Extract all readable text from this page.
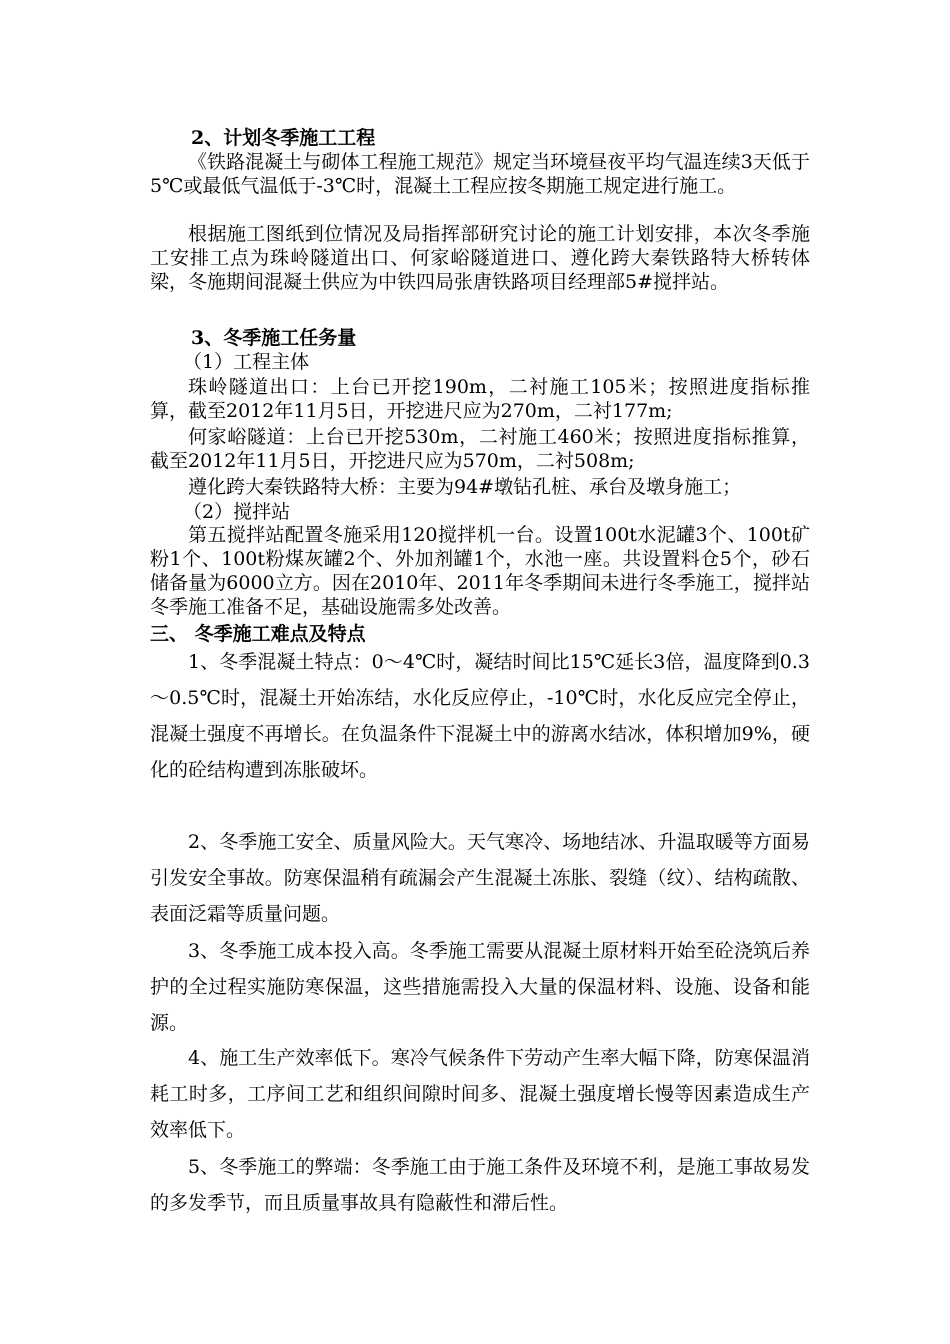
2、计划冬季施工工程

《铁路混凝土与砌体工程施工规范》规定当环境昼夜平均气温连续3天低于5℃或最低气温低于-3℃时，混凝土工程应按冬期施工规定进行施工。

根据施工图纸到位情况及局指挥部研究讨论的施工计划安排，本次冬季施工安排工点为珠岭隧道出口、何家峪隧道进口、遵化跨大秦铁路特大桥转体梁，冬施期间混凝土供应为中铁四局张唐铁路项目经理部5#搅拌站。

3、冬季施工任务量

（1）工程主体

珠岭隧道出口：上台已开挖190m，二衬施工105米；按照进度指标推算，截至2012年11月5日，开挖进尺应为270m，二衬177m;

何家峪隧道：上台已开挖530m，二衬施工460米；按照进度指标推算，截至2012年11月5日，开挖进尺应为570m，二衬508m;

遵化跨大秦铁路特大桥：主要为94#墩钻孔桩、承台及墩身施工；

（2）搅拌站

第五搅拌站配置冬施采用120搅拌机一台。设置100t水泥罐3个、100t矿粉1个、100t粉煤灰罐2个、外加剂罐1个，水池一座。共设置料仓5个，砂石储备量为6000立方。因在2010年、2011年冬季期间未进行冬季施工，搅拌站冬季施工准备不足，基础设施需多处改善。

三、 冬季施工难点及特点

1、冬季混凝土特点：0～4℃时，凝结时间比15℃延长3倍，温度降到0.3～0.5℃时，混凝土开始冻结，水化反应停止，-10℃时，水化反应完全停止，混凝土强度不再增长。在负温条件下混凝土中的游离水结冰，体积增加9%，硬化的砼结构遭到冻胀破坏。

2、冬季施工安全、质量风险大。天气寒冷、场地结冰、升温取暖等方面易引发安全事故。防寒保温稍有疏漏会产生混凝土冻胀、裂缝（纹）、结构疏散、表面泛霜等质量问题。

3、冬季施工成本投入高。冬季施工需要从混凝土原材料开始至砼浇筑后养护的全过程实施防寒保温，这些措施需投入大量的保温材料、设施、设备和能源。

4、施工生产效率低下。寒冷气候条件下劳动产生率大幅下降，防寒保温消耗工时多，工序间工艺和组织间隙时间多、混凝土强度增长慢等因素造成生产效率低下。

5、冬季施工的弊端：冬季施工由于施工条件及环境不利，是施工事故易发的多发季节，而且质量事故具有隐蔽性和滞后性。
